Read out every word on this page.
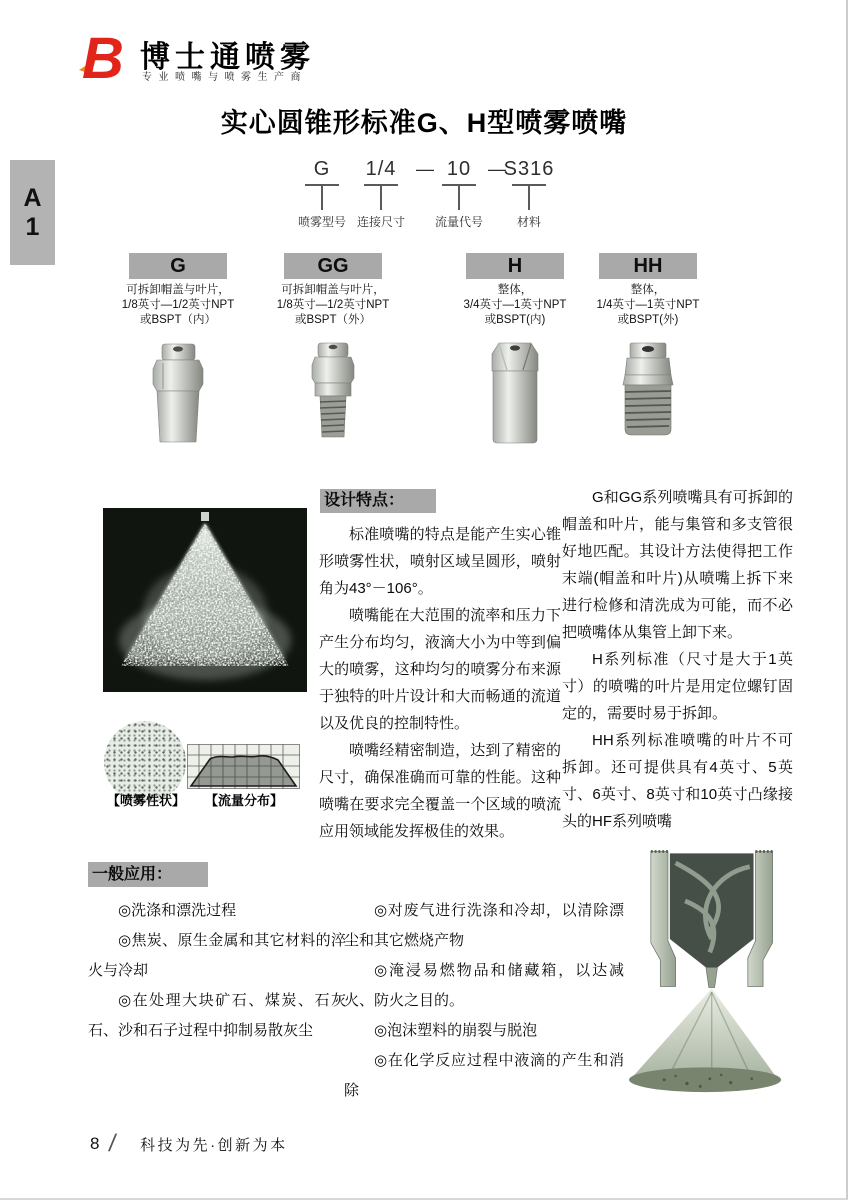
B 博士通喷雾
专业喷嘴与喷雾生产商
实心圆锥形标准G、H型喷雾喷嘴
A
1
G
喷雾型号
1/4
连接尺寸
— 10
流量代号
—
S316
材料
G
可拆卸帽盖与叶片，
1/8英寸—1/2英寸NPT
或BSPT（内）
GG
可拆卸帽盖与叶片，
1/8英寸—1/2英寸NPT
或BSPT（外）
H
整体，
3/4英寸—1英寸NPT
或BSPT(内)
HH
整体，
1/4英寸—1英寸NPT
或BSPT(外)
【喷雾性状】	【流量分布】
设计特点：

标准喷嘴的特点是能产生实心锥形喷雾性状，喷射区域呈圆形，喷射角为43°－106°。

喷嘴能在大范围的流率和压力下产生分布均匀，液滴大小为中等到偏大的喷雾，这种均匀的喷雾分布来源于独特的叶片设计和大而畅通的流道以及优良的控制特性。

喷嘴经精密制造，达到了精密的尺寸，确保准确而可靠的性能。这种喷嘴在要求完全覆盖一个区域的喷流应用领域能发挥极佳的效果。

G和GG系列喷嘴具有可拆卸的帽盖和叶片，能与集管和多支管很好地匹配。其设计方法使得把工作末端(帽盖和叶片)从喷嘴上拆下来进行检修和清洗成为可能，而不必把喷嘴体从集管上卸下来。

H系列标准（尺寸是大于1英寸）的喷嘴的叶片是用定位螺钉固定的，需要时易于拆卸。

HH系列标准喷嘴的叶片不可拆卸。还可提供具有4英寸、5英寸、6英寸、8英寸和10英寸凸缘接头的HF系列喷嘴

一般应用：

◎洗涤和漂洗过程

◎焦炭、原生金属和其它材料的淬火与冷却

◎在处理大块矿石、煤炭、石灰石、沙和石子过程中抑制易散灰尘

◎对废气进行洗涤和冷却，以清除漂尘和其它燃烧产物

◎淹浸易燃物品和储藏箱，以达减火、防火之目的。

◎泡沫塑料的崩裂与脱泡

◎在化学反应过程中液滴的产生和消除

8 / 科技为先·创新为本
